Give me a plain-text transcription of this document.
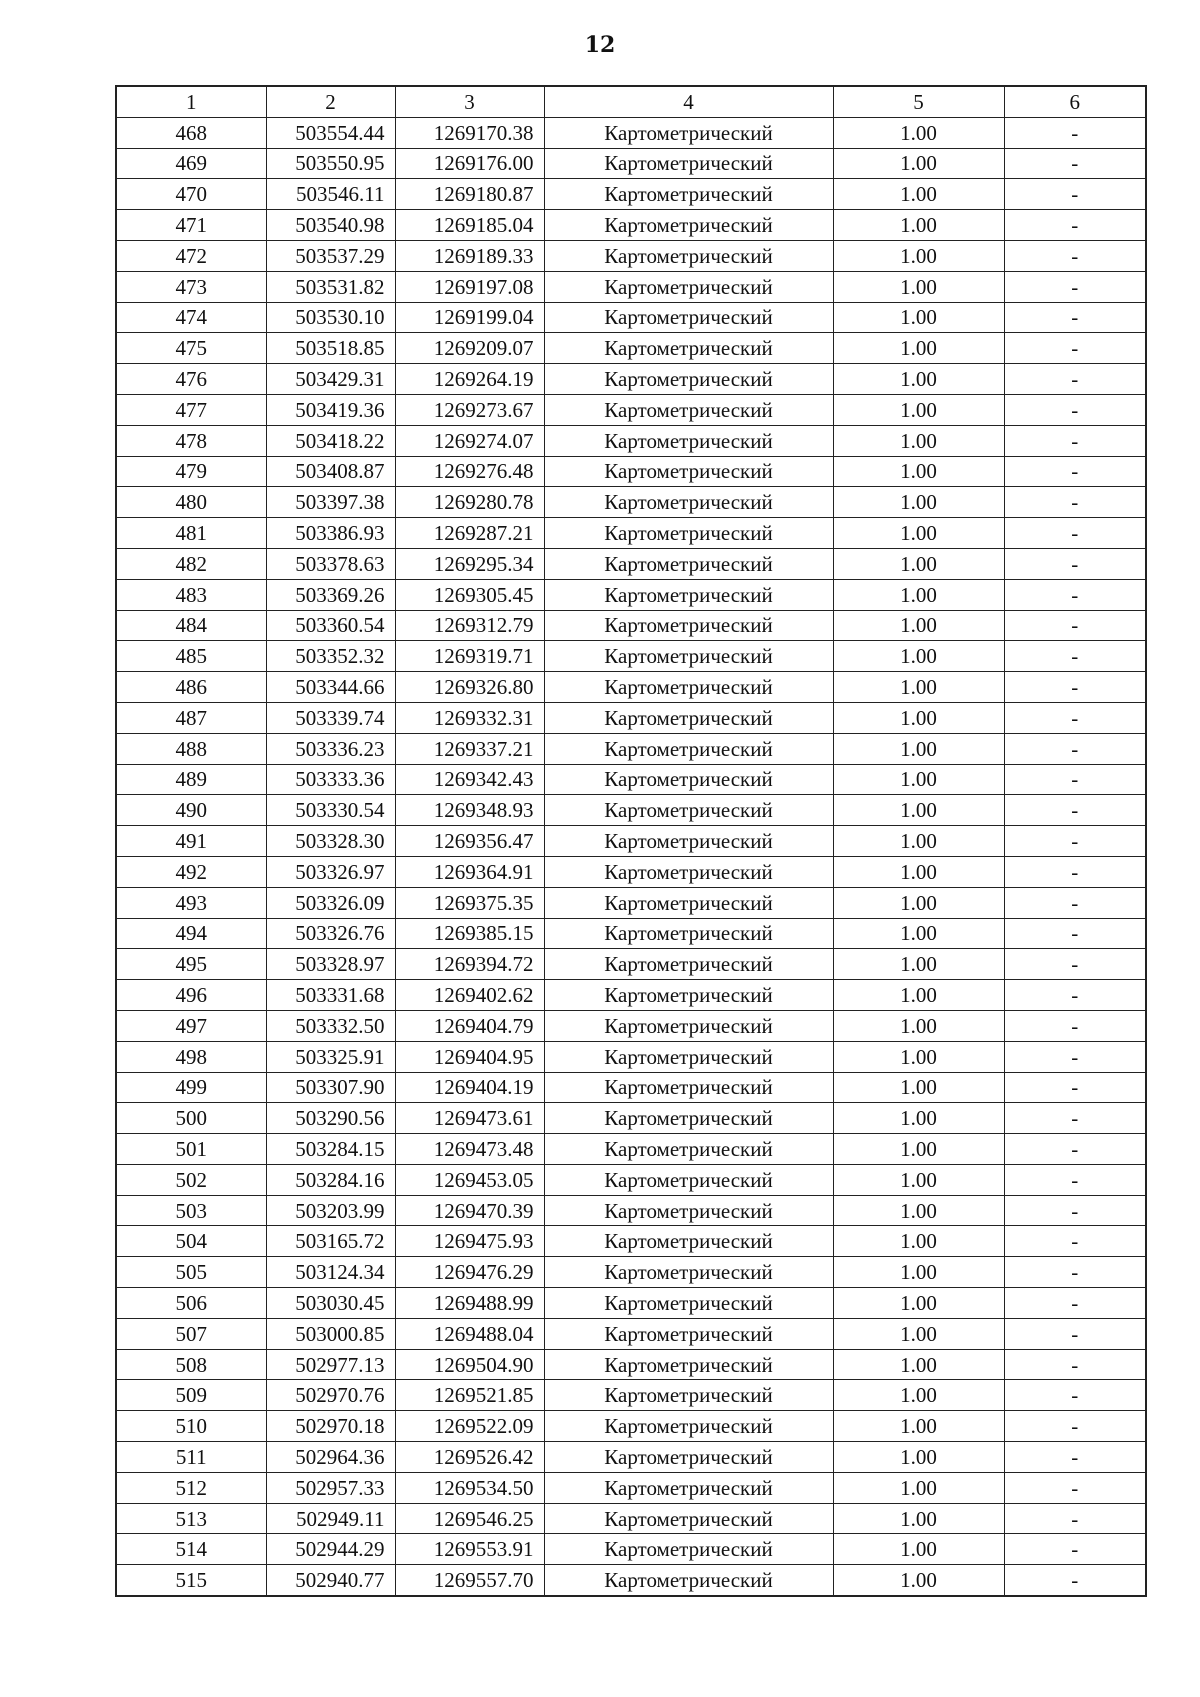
12
1	2	3	4	5	6
468	503554.44	1269170.38	Картометрический	1.00	-
469	503550.95	1269176.00	Картометрический	1.00	-
470	503546.11	1269180.87	Картометрический	1.00	-
471	503540.98	1269185.04	Картометрический	1.00	-
472	503537.29	1269189.33	Картометрический	1.00	-
473	503531.82	1269197.08	Картометрический	1.00	-
474	503530.10	1269199.04	Картометрический	1.00	-
475	503518.85	1269209.07	Картометрический	1.00	-
476	503429.31	1269264.19	Картометрический	1.00	-
477	503419.36	1269273.67	Картометрический	1.00	-
478	503418.22	1269274.07	Картометрический	1.00	-
479	503408.87	1269276.48	Картометрический	1.00	-
480	503397.38	1269280.78	Картометрический	1.00	-
481	503386.93	1269287.21	Картометрический	1.00	-
482	503378.63	1269295.34	Картометрический	1.00	-
483	503369.26	1269305.45	Картометрический	1.00	-
484	503360.54	1269312.79	Картометрический	1.00	-
485	503352.32	1269319.71	Картометрический	1.00	-
486	503344.66	1269326.80	Картометрический	1.00	-
487	503339.74	1269332.31	Картометрический	1.00	-
488	503336.23	1269337.21	Картометрический	1.00	-
489	503333.36	1269342.43	Картометрический	1.00	-
490	503330.54	1269348.93	Картометрический	1.00	-
491	503328.30	1269356.47	Картометрический	1.00	-
492	503326.97	1269364.91	Картометрический	1.00	-
493	503326.09	1269375.35	Картометрический	1.00	-
494	503326.76	1269385.15	Картометрический	1.00	-
495	503328.97	1269394.72	Картометрический	1.00	-
496	503331.68	1269402.62	Картометрический	1.00	-
497	503332.50	1269404.79	Картометрический	1.00	-
498	503325.91	1269404.95	Картометрический	1.00	-
499	503307.90	1269404.19	Картометрический	1.00	-
500	503290.56	1269473.61	Картометрический	1.00	-
501	503284.15	1269473.48	Картометрический	1.00	-
502	503284.16	1269453.05	Картометрический	1.00	-
503	503203.99	1269470.39	Картометрический	1.00	-
504	503165.72	1269475.93	Картометрический	1.00	-
505	503124.34	1269476.29	Картометрический	1.00	-
506	503030.45	1269488.99	Картометрический	1.00	-
507	503000.85	1269488.04	Картометрический	1.00	-
508	502977.13	1269504.90	Картометрический	1.00	-
509	502970.76	1269521.85	Картометрический	1.00	-
510	502970.18	1269522.09	Картометрический	1.00	-
511	502964.36	1269526.42	Картометрический	1.00	-
512	502957.33	1269534.50	Картометрический	1.00	-
513	502949.11	1269546.25	Картометрический	1.00	-
514	502944.29	1269553.91	Картометрический	1.00	-
515	502940.77	1269557.70	Картометрический	1.00	-
